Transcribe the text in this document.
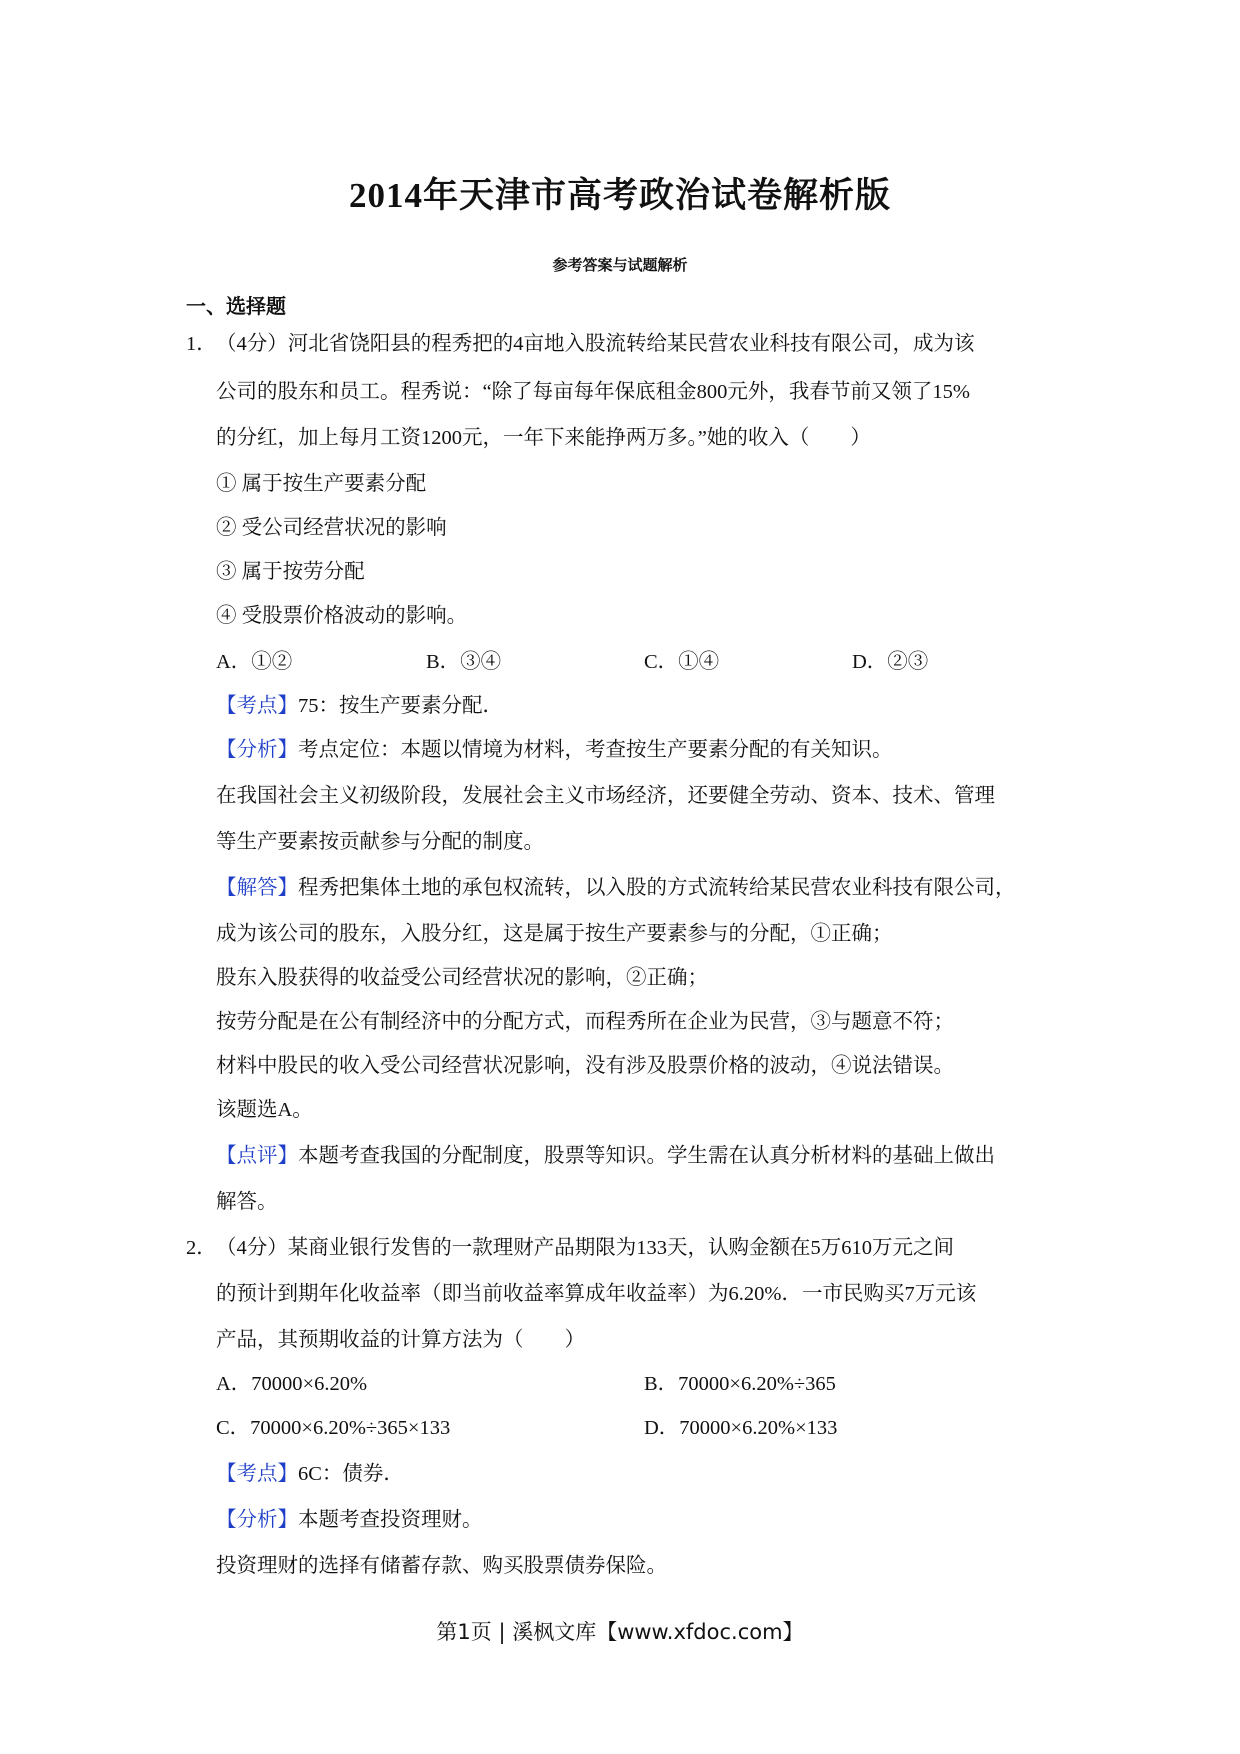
2014年天津市高考政治试卷解析版

参考答案与试题解析

一、选择题

1．（4分）河北省饶阳县的程秀把的4亩地入股流转给某民营农业科技有限公司，成为该
公司的股东和员工。程秀说：“除了每亩每年保底租金800元外，我春节前又领了15%
的分红，加上每月工资1200元，一年下来能挣两万多。”她的收入（　　）
① 属于按生产要素分配
② 受公司经营状况的影响
③ 属于按劳分配
④ 受股票价格波动的影响。
A．①②	B．③④	C．①④	D．②③
【考点】75：按生产要素分配．
【分析】考点定位：本题以情境为材料，考查按生产要素分配的有关知识。
在我国社会主义初级阶段，发展社会主义市场经济，还要健全劳动、资本、技术、管理
等生产要素按贡献参与分配的制度。
【解答】程秀把集体土地的承包权流转，以入股的方式流转给某民营农业科技有限公司，
成为该公司的股东，入股分红，这是属于按生产要素参与的分配，①正确；
股东入股获得的收益受公司经营状况的影响，②正确；
按劳分配是在公有制经济中的分配方式，而程秀所在企业为民营，③与题意不符；
材料中股民的收入受公司经营状况影响，没有涉及股票价格的波动，④说法错误。
该题选A。
【点评】本题考查我国的分配制度，股票等知识。学生需在认真分析材料的基础上做出
解答。
2．（4分）某商业银行发售的一款理财产品期限为133天，认购金额在5万610万元之间
的预计到期年化收益率（即当前收益率算成年收益率）为6.20%．一市民购买7万元该
产品，其预期收益的计算方法为（　　）
A．70000×6.20%	B．70000×6.20%÷365
C．70000×6.20%÷365×133	D．70000×6.20%×133
【考点】6C：债券．
【分析】本题考查投资理财。
投资理财的选择有储蓄存款、购买股票债券保险。

第1页 | 溪枫文库【www.xfdoc.com】
